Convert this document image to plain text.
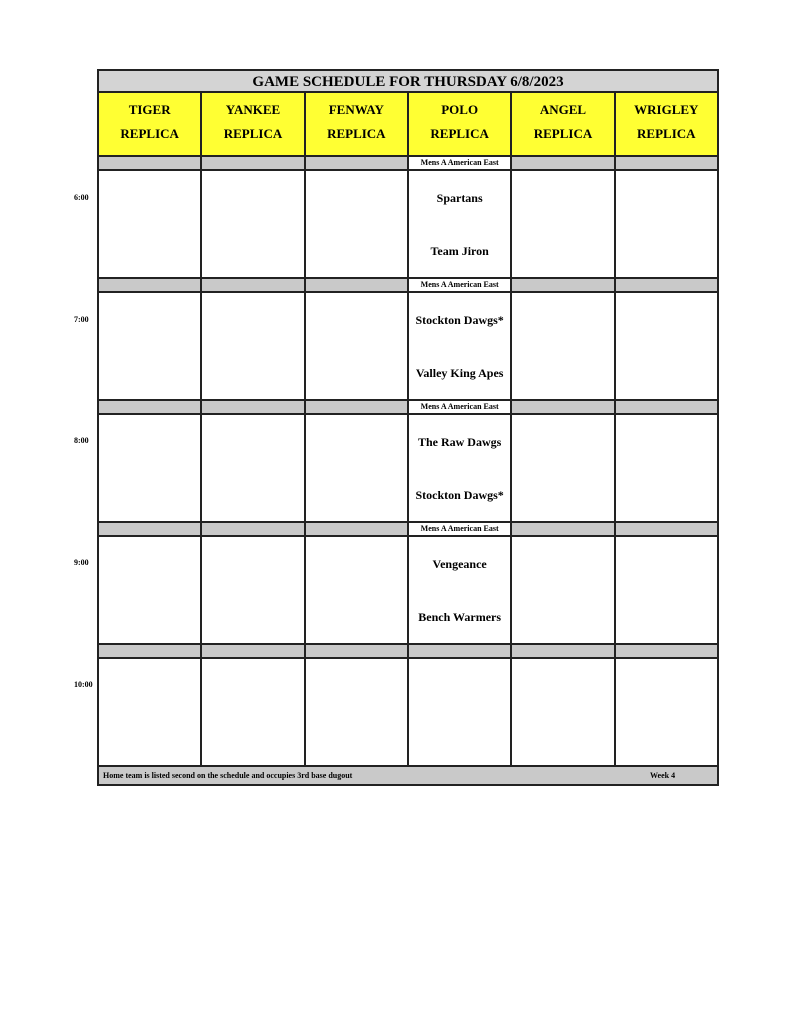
6:00
7:00
8:00
9:00
10:00
GAME SCHEDULE FOR THURSDAY 6/8/2023
TIGER
REPLICA
YANKEE
REPLICA
FENWAY
REPLICA
POLO
REPLICA
ANGEL
REPLICA
WRIGLEY
REPLICA
Mens A American East
Spartans
Team Jiron
Mens A American East
Stockton Dawgs*
Valley King Apes
Mens A American East
The Raw Dawgs
Stockton Dawgs*
Mens A American East
Vengeance
Bench Warmers
Home team is listed second on the schedule and occupies 3rd base dugout	Week 4
